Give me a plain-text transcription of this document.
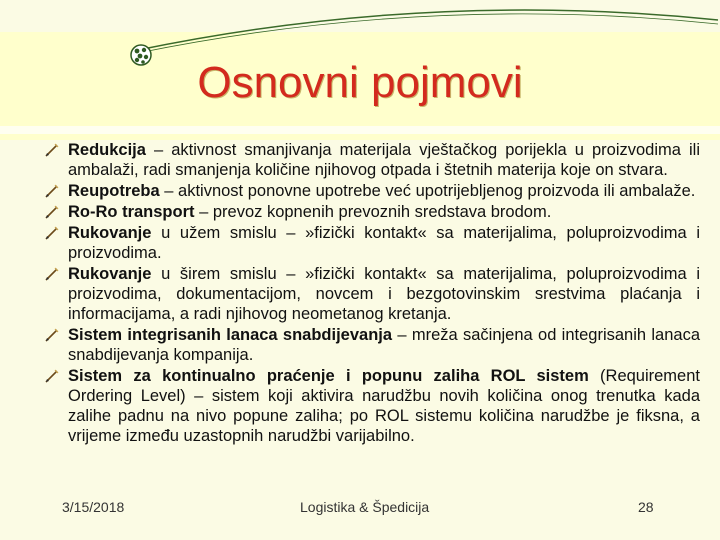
Osnovni pojmovi
Redukcija – aktivnost smanjivanja materijala vještačkog porijekla u proizvodima ili ambalaži, radi smanjenja količine njihovog otpada i štetnih materija koje on stvara.
Reupotreba – aktivnost ponovne upotrebe već upotrijebljenog proizvoda ili ambalaže.
Ro-Ro transport – prevoz kopnenih prevoznih sredstava brodom.
Rukovanje u užem smislu – »fizički kontakt« sa materijalima, poluproizvodima i proizvodima.
Rukovanje u širem smislu – »fizički kontakt« sa materijalima, poluproizvodima i proizvodima, dokumentacijom, novcem i bezgotovinskim srestvima plaćanja i informacijama, a radi njihovog neometanog kretanja.
Sistem integrisanih lanaca snabdijevanja – mreža sačinjena od integrisanih lanaca snabdijevanja kompanija.
Sistem za kontinualno praćenje i popunu zaliha ROL sistem (Requirement Ordering Level) – sistem koji aktivira narudžbu novih količina onog trenutka kada zalihe padnu na nivo popune zaliha; po ROL sistemu količina narudžbe je fiksna, a vrijeme između uzastopnih narudžbi varijabilno.
3/15/2018	Logistika & Špedicija	28
